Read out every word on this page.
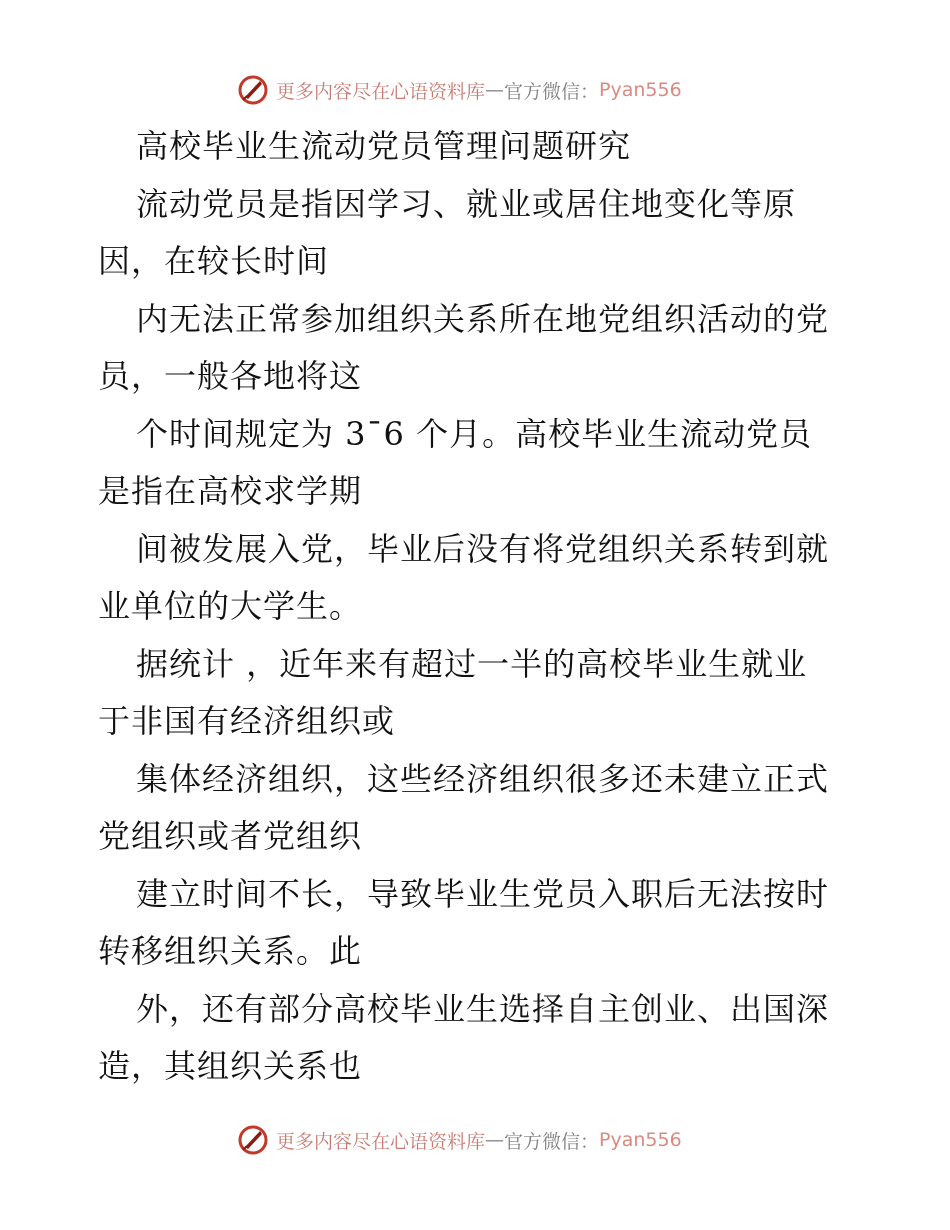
更多内容尽在心语资料库 — 官方微信： Pyan556
高校毕业生流动党员管理问题研究
流动党员是指因学习、就业或居住地变化等原
因，在较长时间
内无法正常参加组织关系所在地党组织活动的党
员，一般各地将这
个时间规定为 3¯6 个月。高校毕业生流动党员
是指在高校求学期
间被发展入党，毕业后没有将党组织关系转到就
业单位的大学生。
据统计 ，近年来有超过一半的高校毕业生就业
于非国有经济组织或
集体经济组织，这些经济组织很多还未建立正式
党组织或者党组织
建立时间不长，导致毕业生党员入职后无法按时
转移组织关系。此
外，还有部分高校毕业生选择自主创业、出国深
造，其组织关系也
更多内容尽在心语资料库 — 官方微信： Pyan556
